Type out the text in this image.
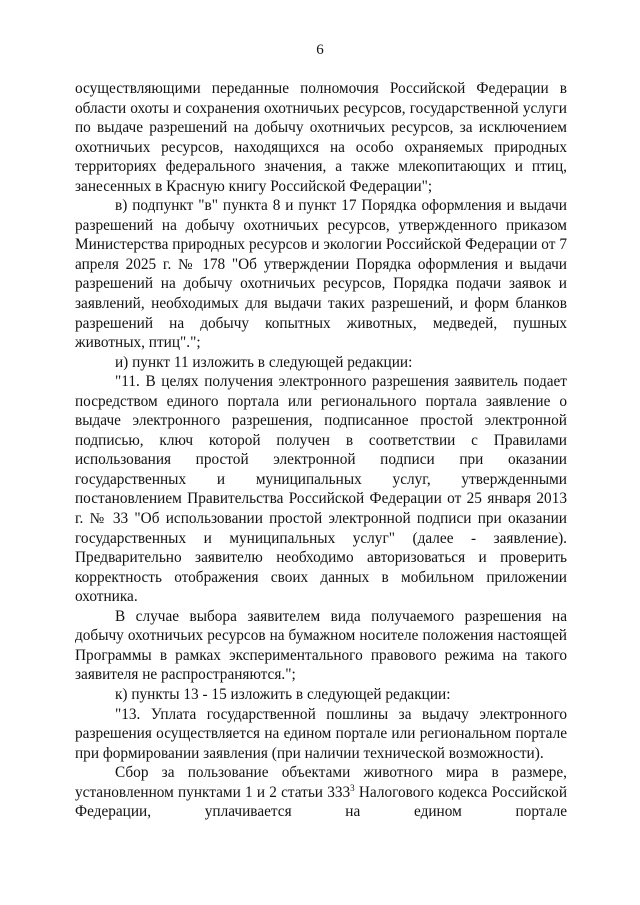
6

осуществляющими переданные полномочия Российской Федерации в области охоты и сохранения охотничьих ресурсов, государственной услуги по выдаче разрешений на добычу охотничьих ресурсов, за исключением охотничьих ресурсов, находящихся на особо охраняемых природных территориях федерального значения, а также млекопитающих и птиц, занесенных в Красную книгу Российской Федерации";

в) подпункт "в" пункта 8 и пункт 17 Порядка оформления и выдачи разрешений на добычу охотничьих ресурсов, утвержденного приказом Министерства природных ресурсов и экологии Российской Федерации от 7 апреля 2025 г. № 178 "Об утверждении Порядка оформления и выдачи разрешений на добычу охотничьих ресурсов, Порядка подачи заявок и заявлений, необходимых для выдачи таких разрешений, и форм бланков разрешений на добычу копытных животных, медведей, пушных животных, птиц".";

и) пункт 11 изложить в следующей редакции:

"11. В целях получения электронного разрешения заявитель подает посредством единого портала или регионального портала заявление о выдаче электронного разрешения, подписанное простой электронной подписью, ключ которой получен в соответствии с Правилами использования простой электронной подписи при оказании государственных и муниципальных услуг, утвержденными постановлением Правительства Российской Федерации от 25 января 2013 г. № 33 "Об использовании простой электронной подписи при оказании государственных и муниципальных услуг" (далее - заявление). Предварительно заявителю необходимо авторизоваться и проверить корректность отображения своих данных в мобильном приложении охотника.

В случае выбора заявителем вида получаемого разрешения на добычу охотничьих ресурсов на бумажном носителе положения настоящей Программы в рамках экспериментального правового режима на такого заявителя не распространяются.";

к) пункты 13 - 15 изложить в следующей редакции:

"13. Уплата государственной пошлины за выдачу электронного разрешения осуществляется на едином портале или региональном портале при формировании заявления (при наличии технической возможности).

Сбор за пользование объектами животного мира в размере, установленном пунктами 1 и 2 статьи $333^3$ Налогового кодекса Российской Федерации, уплачивается на едином портале
